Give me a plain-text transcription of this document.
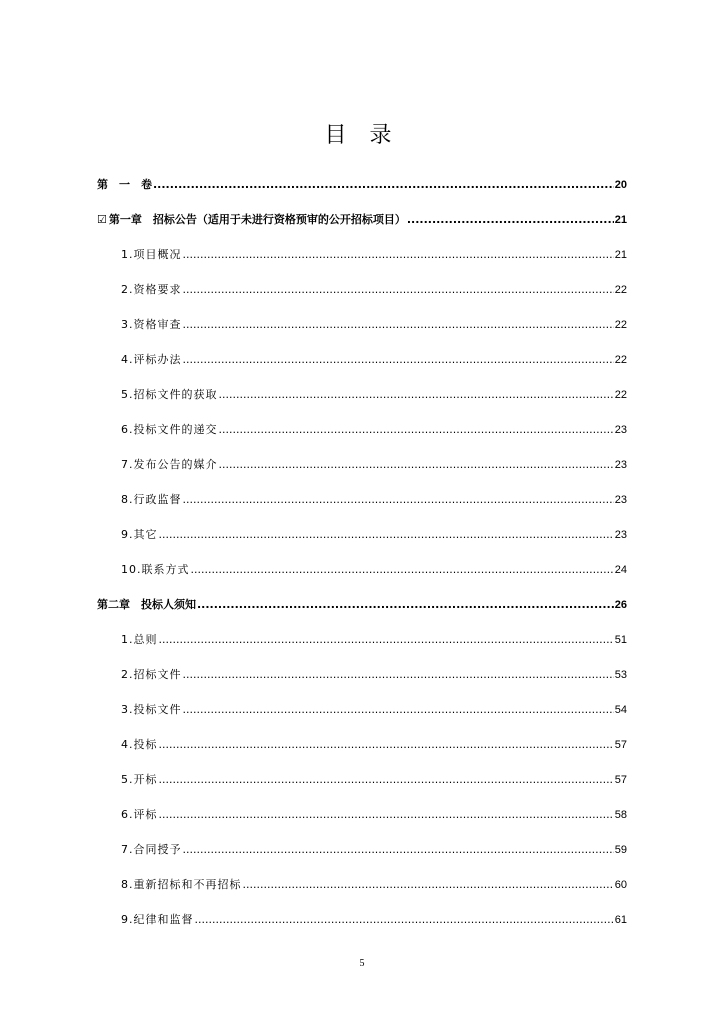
目 录
第　一　卷 .....	20
☑ 第一章　招标公告（适用于未进行资格预审的公开招标项目） .....	21
1.项目概况 .....	21
2.资格要求 .....	22
3.资格审查 .....	22
4.评标办法 .....	22
5.招标文件的获取 .....	22
6.投标文件的递交 .....	23
7.发布公告的媒介 .....	23
8.行政监督 .....	23
9.其它 .....	23
10.联系方式 .....	24
第二章　投标人须知 .....	26
1.总则 .....	51
2.招标文件 .....	53
3.投标文件 .....	54
4.投标 .....	57
5.开标 .....	57
6.评标 .....	58
7.合同授予 .....	59
8.重新招标和不再招标 .....	60
9.纪律和监督 .....	61
5
